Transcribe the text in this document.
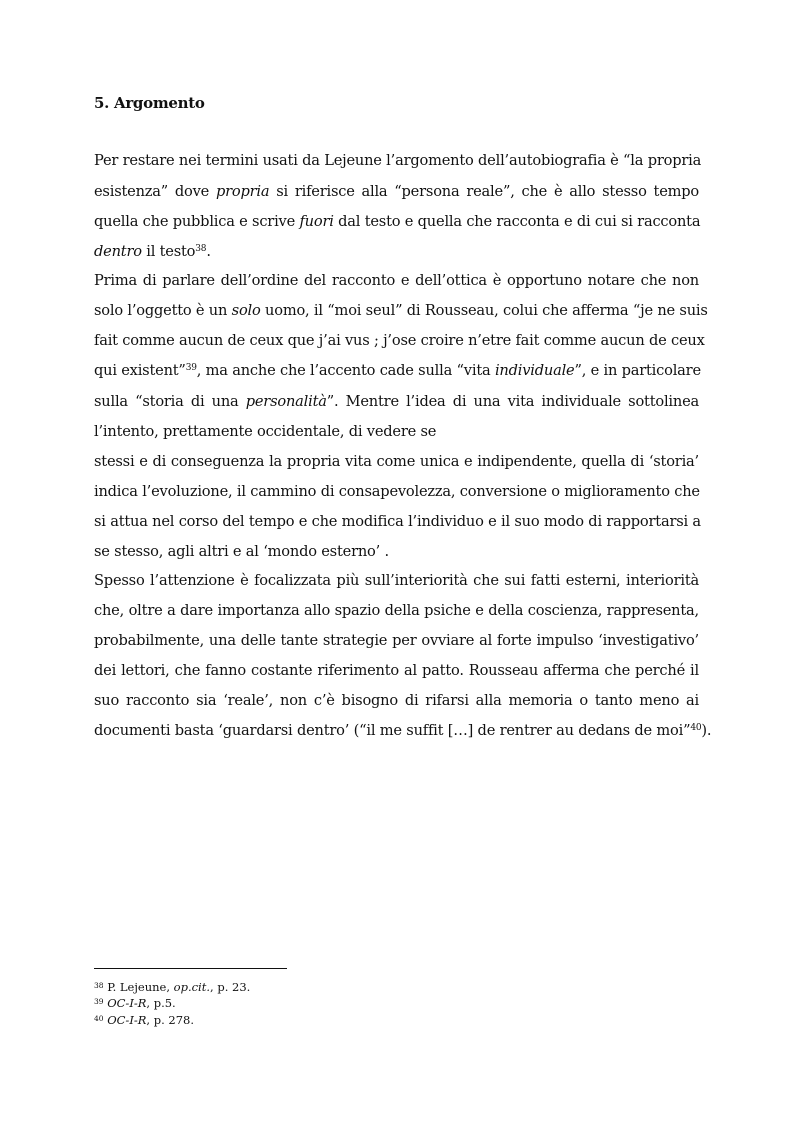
5. Argomento
Per restare nei termini usati da Lejeune l’argomento dell’autobiografia è “la propria
esistenza” dove propria si riferisce alla “persona reale”, che è allo stesso tempo
quella che pubblica e scrive fuori dal testo e quella che racconta e di cui si racconta
dentro il testo$^{38}$.
Prima di parlare dell’ordine del racconto e dell’ottica è opportuno notare che non
solo l’oggetto è un solo uomo, il “moi seul” di Rousseau, colui che afferma “je ne suis
fait comme aucun de ceux que j’ai vus ; j’ose croire n’etre fait comme aucun de ceux
qui existent”$^{39}$, ma anche che l’accento cade sulla “vita individuale”, e in particolare
sulla “storia di una personalità”. Mentre l’idea di una vita individuale sottolinea
l’intento, prettamente occidentale, di vedere se
stessi e di conseguenza la propria vita come unica e indipendente, quella di ‘storia’
indica l’evoluzione, il cammino di consapevolezza, conversione o miglioramento che
si attua nel corso del tempo e che modifica l’individuo e il suo modo di rapportarsi a
se stesso, agli altri e al ‘mondo esterno’ .
Spesso l’attenzione è focalizzata più sull’interiorità che sui fatti esterni, interiorità
che, oltre a dare importanza allo spazio della psiche e della coscienza, rappresenta,
probabilmente, una delle tante strategie per ovviare al forte impulso ‘investigativo’
dei lettori, che fanno costante riferimento al patto. Rousseau afferma che perché il
suo racconto sia ‘reale’, non c’è bisogno di rifarsi alla memoria o tanto meno ai
documenti basta ‘guardarsi dentro’ (“il me suffit […] de rentrer au dedans de moi”$^{40}$).
$^{38}$ P. Lejeune, op.cit., p. 23.
$^{39}$ OC-I-R, p.5.
$^{40}$ OC-I-R, p. 278.
